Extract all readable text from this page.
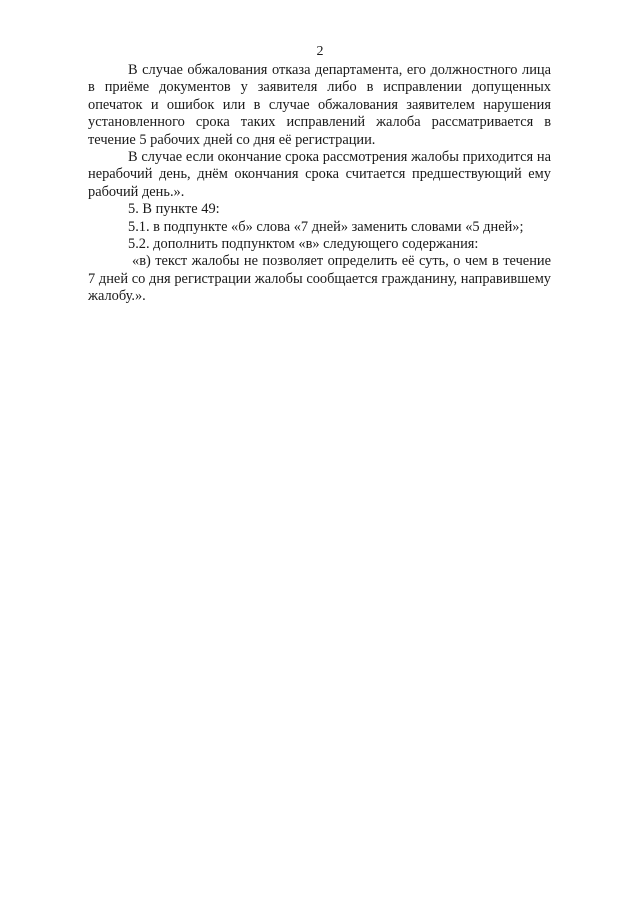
2

В случае обжалования отказа департамента, его должностного лица в приёме документов у заявителя либо в исправлении допущенных опечаток и ошибок или в случае обжалования заявителем нарушения установленного срока таких исправлений жалоба рассматривается в течение 5 рабочих дней со дня её регистрации.

В случае если окончание срока рассмотрения жалобы приходится на нерабочий день, днём окончания срока считается предшествующий ему рабочий день.».

5. В пункте 49:

5.1. в подпункте «б» слова «7 дней» заменить словами «5 дней»;

5.2. дополнить подпунктом «в» следующего содержания:

«в) текст жалобы не позволяет определить её суть, о чем в течение 7 дней со дня регистрации жалобы сообщается гражданину, направившему жалобу.».
